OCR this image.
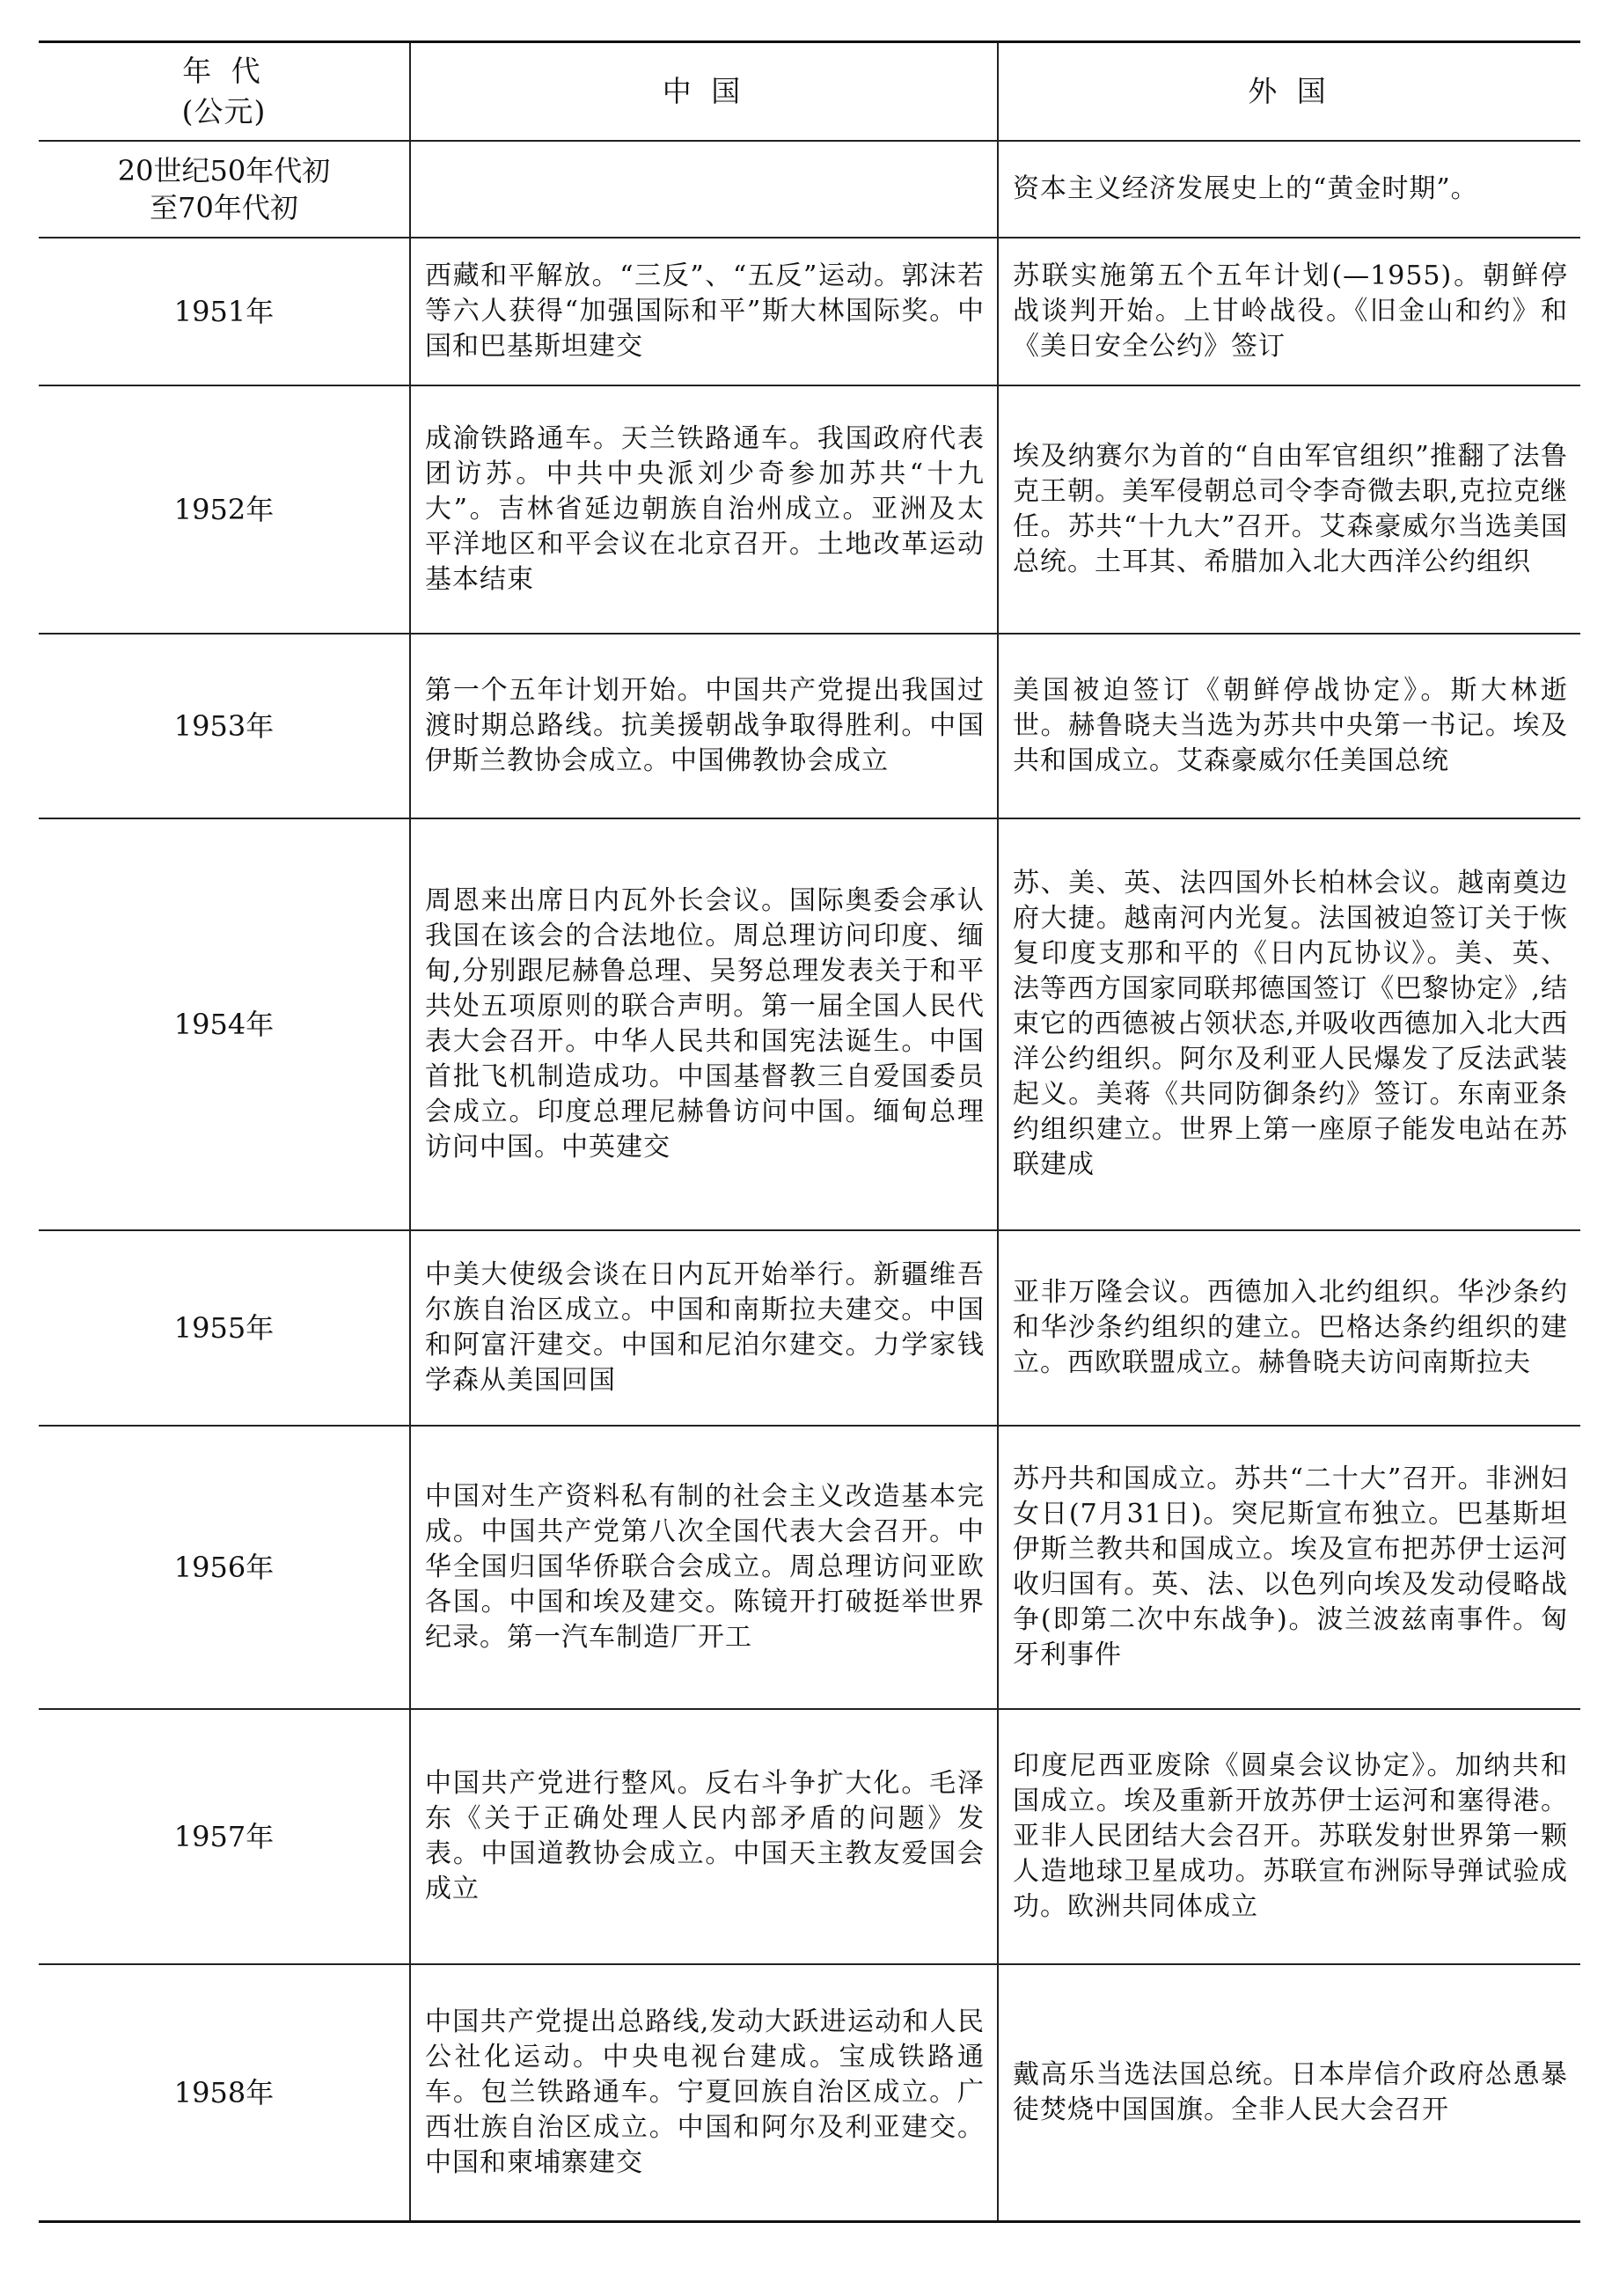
年 代
(公元)	中 国	外 国
20世纪50年代初至70年代初		资本主义经济发展史上的“黄金时期”。
1951年	西藏和平解放。“三反”、“五反”运动。郭沫若等六人获得“加强国际和平”斯大林国际奖。中国和巴基斯坦建交	苏联实施第五个五年计划(—1955)。朝鲜停战谈判开始。上甘岭战役。《旧金山和约》和《美日安全公约》签订
1952年	成渝铁路通车。天兰铁路通车。我国政府代表团访苏。中共中央派刘少奇参加苏共“十九大”。吉林省延边朝族自治州成立。亚洲及太平洋地区和平会议在北京召开。土地改革运动基本结束	埃及纳赛尔为首的“自由军官组织”推翻了法鲁克王朝。美军侵朝总司令李奇微去职,克拉克继任。苏共“十九大”召开。艾森豪威尔当选美国总统。土耳其、希腊加入北大西洋公约组织
1953年	第一个五年计划开始。中国共产党提出我国过渡时期总路线。抗美援朝战争取得胜利。中国伊斯兰教协会成立。中国佛教协会成立	美国被迫签订《朝鲜停战协定》。斯大林逝世。赫鲁晓夫当选为苏共中央第一书记。埃及共和国成立。艾森豪威尔任美国总统
1954年	周恩来出席日内瓦外长会议。国际奥委会承认我国在该会的合法地位。周总理访问印度、缅甸,分别跟尼赫鲁总理、吴努总理发表关于和平共处五项原则的联合声明。第一届全国人民代表大会召开。中华人民共和国宪法诞生。中国首批飞机制造成功。中国基督教三自爱国委员会成立。印度总理尼赫鲁访问中国。缅甸总理访问中国。中英建交	苏、美、英、法四国外长柏林会议。越南奠边府大捷。越南河内光复。法国被迫签订关于恢复印度支那和平的《日内瓦协议》。美、英、法等西方国家同联邦德国签订《巴黎协定》,结束它的西德被占领状态,并吸收西德加入北大西洋公约组织。阿尔及利亚人民爆发了反法武装起义。美蒋《共同防御条约》签订。东南亚条约组织建立。世界上第一座原子能发电站在苏联建成
1955年	中美大使级会谈在日内瓦开始举行。新疆维吾尔族自治区成立。中国和南斯拉夫建交。中国和阿富汗建交。中国和尼泊尔建交。力学家钱学森从美国回国	亚非万隆会议。西德加入北约组织。华沙条约和华沙条约组织的建立。巴格达条约组织的建立。西欧联盟成立。赫鲁晓夫访问南斯拉夫
1956年	中国对生产资料私有制的社会主义改造基本完成。中国共产党第八次全国代表大会召开。中华全国归国华侨联合会成立。周总理访问亚欧各国。中国和埃及建交。陈镜开打破挺举世界纪录。第一汽车制造厂开工	苏丹共和国成立。苏共“二十大”召开。非洲妇女日(7月31日)。突尼斯宣布独立。巴基斯坦伊斯兰教共和国成立。埃及宣布把苏伊士运河收归国有。英、法、以色列向埃及发动侵略战争(即第二次中东战争)。波兰波兹南事件。匈牙利事件
1957年	中国共产党进行整风。反右斗争扩大化。毛泽东《关于正确处理人民内部矛盾的问题》发表。中国道教协会成立。中国天主教友爱国会成立	印度尼西亚废除《圆桌会议协定》。加纳共和国成立。埃及重新开放苏伊士运河和塞得港。亚非人民团结大会召开。苏联发射世界第一颗人造地球卫星成功。苏联宣布洲际导弹试验成功。欧洲共同体成立
1958年	中国共产党提出总路线,发动大跃进运动和人民公社化运动。中央电视台建成。宝成铁路通车。包兰铁路通车。宁夏回族自治区成立。广西壮族自治区成立。中国和阿尔及利亚建交。中国和柬埔寨建交	戴高乐当选法国总统。日本岸信介政府怂恿暴徒焚烧中国国旗。全非人民大会召开
